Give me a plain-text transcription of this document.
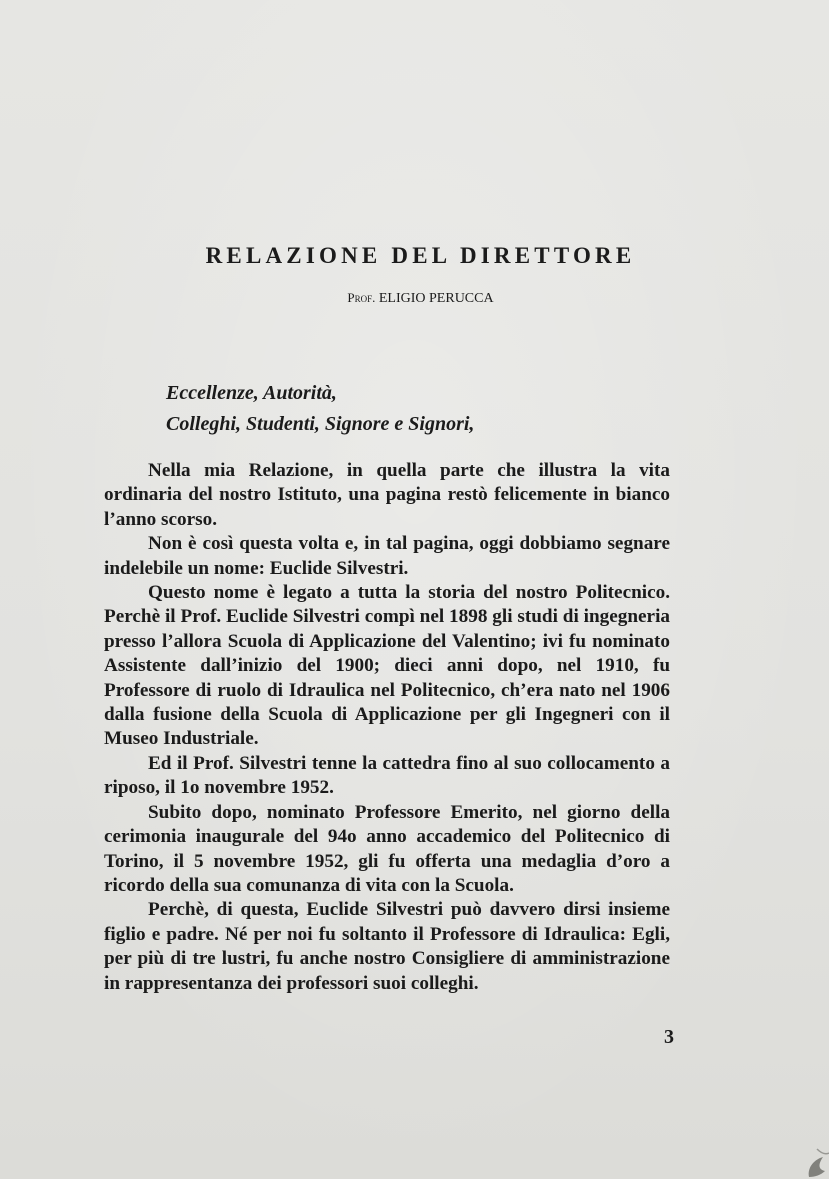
RELAZIONE DEL DIRETTORE
Prof. ELIGIO PERUCCA
Eccellenze, Autorità,
Colleghi, Studenti, Signore e Signori,

Nella mia Relazione, in quella parte che illustra la vita ordinaria del nostro Istituto, una pagina restò felicemente in bianco l’anno scorso.

Non è così questa volta e, in tal pagina, oggi dobbiamo segnare indelebile un nome: Euclide Silvestri.

Questo nome è legato a tutta la storia del nostro Politecnico. Perchè il Prof. Euclide Silvestri compì nel 1898 gli studi di ingegneria presso l’allora Scuola di Applicazione del Valentino; ivi fu nominato Assistente dall’inizio del 1900; dieci anni dopo, nel 1910, fu Professore di ruolo di Idraulica nel Politecnico, ch’era nato nel 1906 dalla fusione della Scuola di Applicazione per gli Ingegneri con il Museo Industriale.

Ed il Prof. Silvestri tenne la cattedra fino al suo collocamento a riposo, il 1o novembre 1952.

Subito dopo, nominato Professore Emerito, nel giorno della cerimonia inaugurale del 94o anno accademico del Politecnico di Torino, il 5 novembre 1952, gli fu offerta una medaglia d’oro a ricordo della sua comunanza di vita con la Scuola.

Perchè, di questa, Euclide Silvestri può davvero dirsi insieme figlio e padre. Né per noi fu soltanto il Professore di Idraulica: Egli, per più di tre lustri, fu anche nostro Consigliere di amministrazione in rappresentanza dei professori suoi colleghi.

3
